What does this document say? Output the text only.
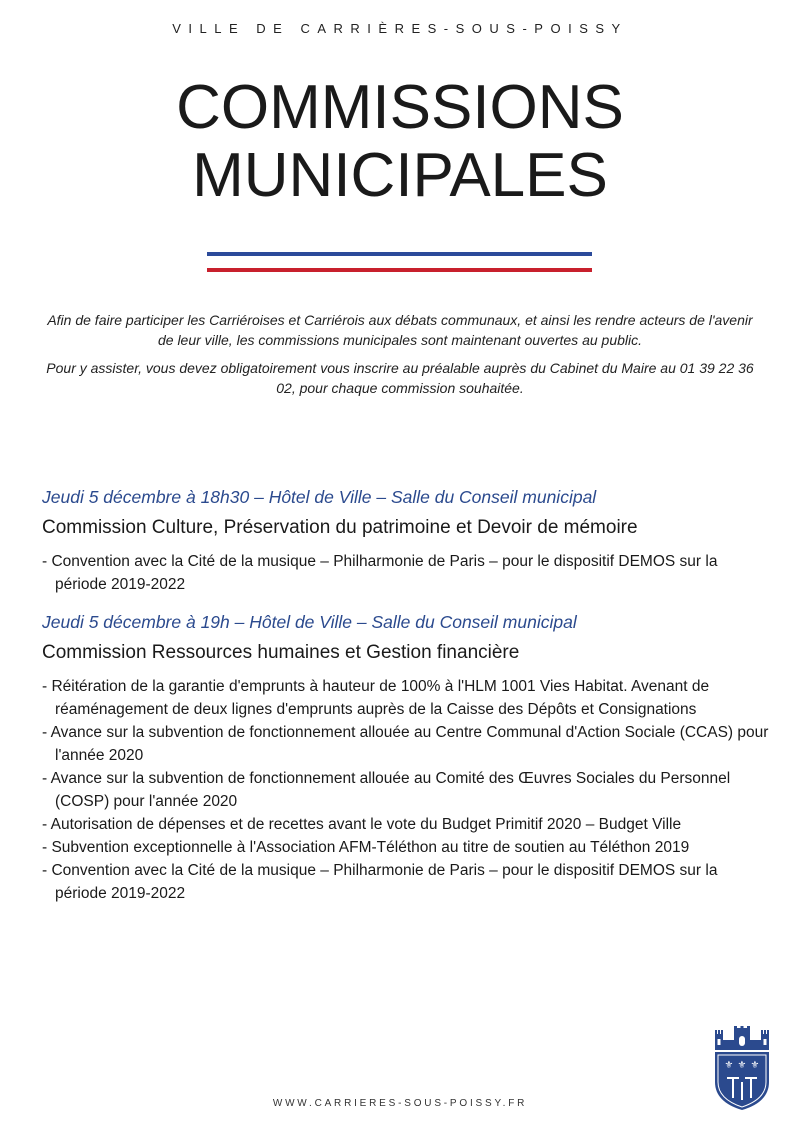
VILLE DE CARRIÈRES-SOUS-POISSY
COMMISSIONS
MUNICIPALES
Afin de faire participer les Carriéroises et Carriérois aux débats communaux, et ainsi les rendre acteurs de l'avenir de leur ville, les commissions municipales sont maintenant ouvertes au public.
Pour y assister, vous devez obligatoirement vous inscrire au préalable auprès du Cabinet du Maire au 01 39 22 36 02, pour chaque commission souhaitée.
Jeudi 5 décembre à 18h30 – Hôtel de Ville – Salle du Conseil municipal
Commission Culture, Préservation du patrimoine et Devoir de mémoire
- Convention avec la Cité de la musique – Philharmonie de Paris – pour le dispositif DEMOS sur la période 2019-2022
Jeudi 5 décembre à 19h – Hôtel de Ville – Salle du Conseil municipal
Commission Ressources humaines et Gestion financière
- Réitération de la garantie d'emprunts à hauteur de 100% à l'HLM 1001 Vies Habitat. Avenant de réaménagement de deux lignes d'emprunts auprès de la Caisse des Dépôts et Consignations
- Avance sur la subvention de fonctionnement allouée au Centre Communal d'Action Sociale (CCAS) pour l'année 2020
- Avance sur la subvention de fonctionnement allouée au Comité des Œuvres Sociales du Personnel (COSP) pour l'année 2020
- Autorisation de dépenses et de recettes avant le vote du Budget Primitif 2020 – Budget Ville
- Subvention exceptionnelle à l'Association AFM-Téléthon au titre de soutien au Téléthon 2019
- Convention avec la Cité de la musique – Philharmonie de Paris – pour le dispositif DEMOS sur la période 2019-2022
WWW.CARRIERES-SOUS-POISSY.FR
⚜ ⚜ ⚜
